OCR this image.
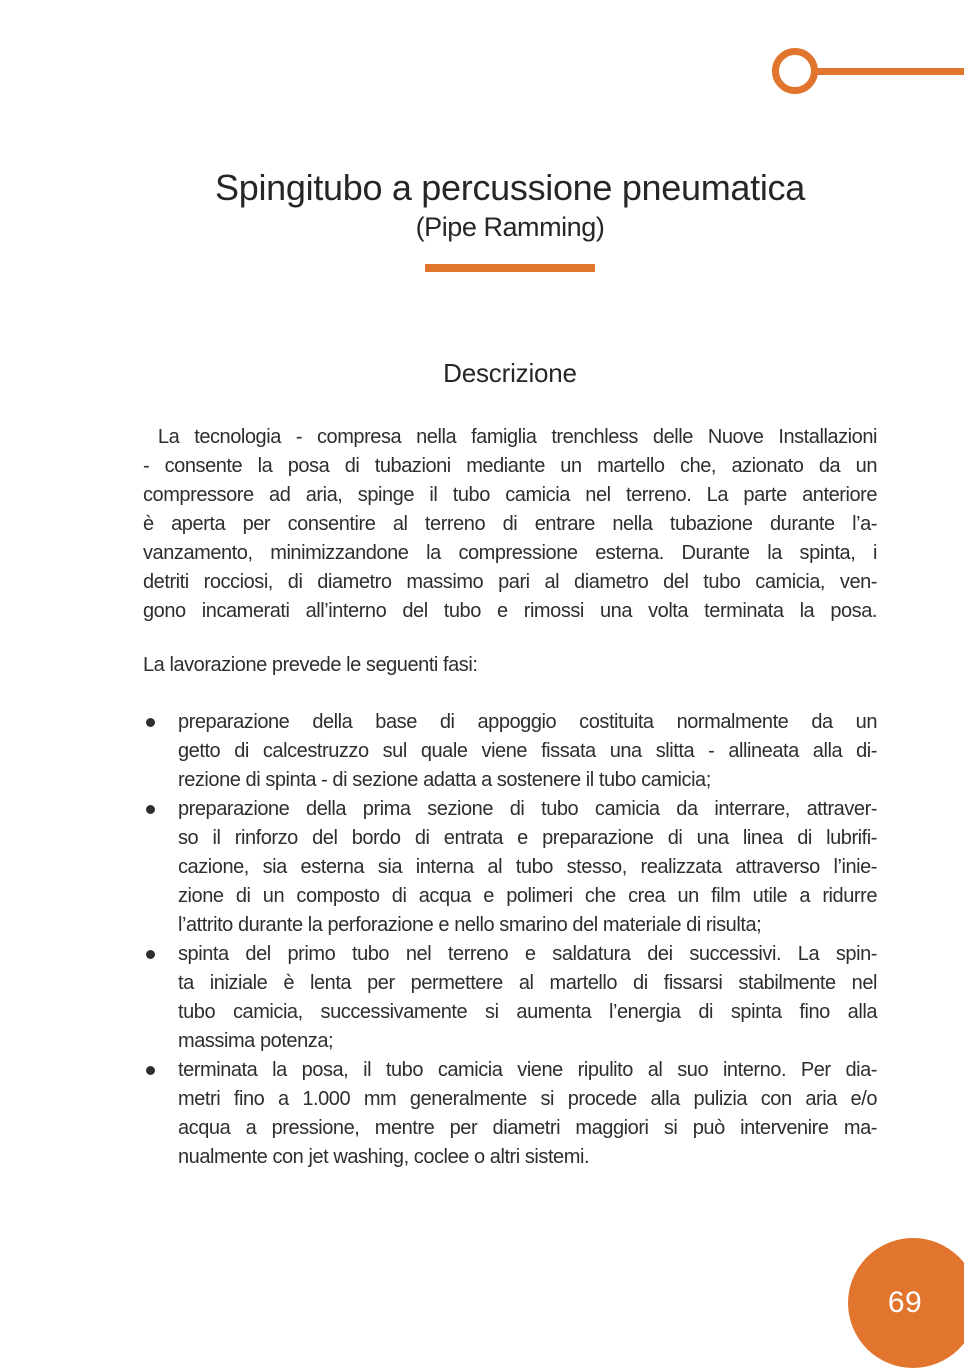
Spingitubo a percussione pneumatica
(Pipe Ramming)
Descrizione
La tecnologia - compresa nella famiglia trenchless delle Nuove Installazioni
- consente la posa di tubazioni mediante un martello che, azionato da un
compressore ad aria, spinge il tubo camicia nel terreno. La parte anteriore
è aperta per consentire al terreno di entrare nella tubazione durante l’a-
vanzamento, minimizzandone la compressione esterna. Durante la spinta, i
detriti rocciosi, di diametro massimo pari al diametro del tubo camicia, ven-
gono incamerati all’interno del tubo e rimossi una volta terminata la posa.
La lavorazione prevede le seguenti fasi:
preparazione della base di appoggio costituita normalmente da un
getto di calcestruzzo sul quale viene fissata una slitta - allineata alla di-
rezione di spinta - di sezione adatta a sostenere il tubo camicia;
preparazione della prima sezione di tubo camicia da interrare, attraver-
so il rinforzo del bordo di entrata e preparazione di una linea di lubrifi-
cazione, sia esterna sia interna al tubo stesso, realizzata attraverso l’inie-
zione di un composto di acqua e polimeri che crea un film utile a ridurre
l’attrito durante la perforazione e nello smarino del materiale di risulta;
spinta del primo tubo nel terreno e saldatura dei successivi. La spin-
ta iniziale è lenta per permettere al martello di fissarsi stabilmente nel
tubo camicia, successivamente si aumenta l’energia di spinta fino alla
massima potenza;
terminata la posa, il tubo camicia viene ripulito al suo interno. Per dia-
metri fino a 1.000 mm generalmente si procede alla pulizia con aria e/o
acqua a pressione, mentre per diametri maggiori si può intervenire ma-
nualmente con jet washing, coclee o altri sistemi.
69
